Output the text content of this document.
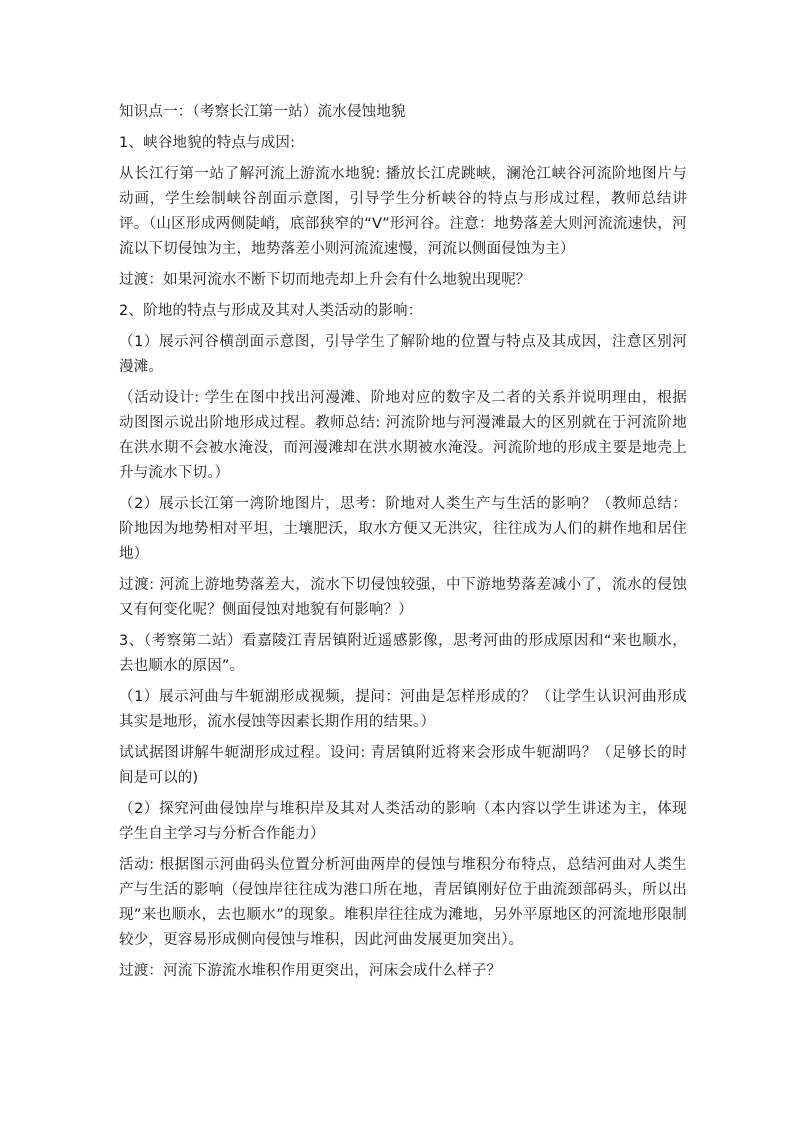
知识点一：（考察长江第一站）流水侵蚀地貌

1、峡谷地貌的特点与成因:

从长江行第一站了解河流上游流水地貌: 播放长江虎跳峡，澜沧江峡谷河流阶地图片与动画，学生绘制峡谷剖面示意图，引导学生分析峡谷的特点与形成过程，教师总结讲评。（山区形成两侧陡峭，底部狭窄的“V”形河谷。注意：地势落差大则河流流速快，河流以下切侵蚀为主，地势落差小则河流流速慢，河流以侧面侵蚀为主）

过渡：如果河流水不断下切而地壳却上升会有什么地貌出现呢？

2、阶地的特点与形成及其对人类活动的影响：

（1）展示河谷横剖面示意图，引导学生了解阶地的位置与特点及其成因，注意区别河漫滩。

（活动设计: 学生在图中找出河漫滩、阶地对应的数字及二者的关系并说明理由，根据动图图示说出阶地形成过程。教师总结: 河流阶地与河漫滩最大的区别就在于河流阶地在洪水期不会被水淹没，而河漫滩却在洪水期被水淹没。河流阶地的形成主要是地壳上升与流水下切。）

（2）展示长江第一湾阶地图片，思考：阶地对人类生产与生活的影响？（教师总结：阶地因为地势相对平坦，土壤肥沃，取水方便又无洪灾，往往成为人们的耕作地和居住地）

过渡: 河流上游地势落差大，流水下切侵蚀较强，中下游地势落差减小了，流水的侵蚀又有何变化呢？侧面侵蚀对地貌有何影响？）

3、（考察第二站）看嘉陵江青居镇附近遥感影像，思考河曲的形成原因和“来也顺水，去也顺水的原因”。

（1）展示河曲与牛轭湖形成视频，提问：河曲是怎样形成的？（让学生认识河曲形成其实是地形，流水侵蚀等因素长期作用的结果。）

试试据图讲解牛轭湖形成过程。设问: 青居镇附近将来会形成牛轭湖吗？（足够长的时间是可以的)

（2）探究河曲侵蚀岸与堆积岸及其对人类活动的影响（本内容以学生讲述为主，体现学生自主学习与分析合作能力）

活动: 根据图示河曲码头位置分析河曲两岸的侵蚀与堆积分布特点，总结河曲对人类生产与生活的影响（侵蚀岸往往成为港口所在地，青居镇刚好位于曲流颈部码头，所以出现”来也顺水，去也顺水”的现象。堆积岸往往成为滩地，另外平原地区的河流地形限制较少，更容易形成侧向侵蚀与堆积，因此河曲发展更加突出）。

过渡：河流下游流水堆积作用更突出，河床会成什么样子？
